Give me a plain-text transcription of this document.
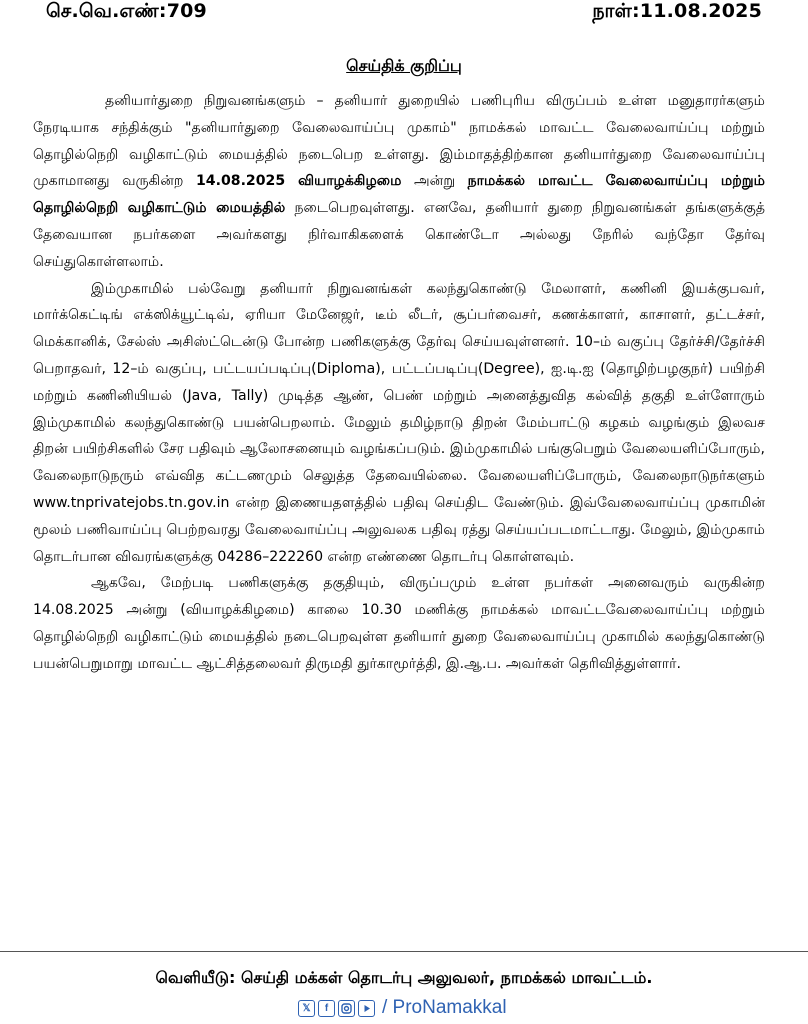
செ.வெ.எண்:709	நாள்:11.08.2025
செய்திக் குறிப்பு

தனியார்துறை நிறுவனங்களும் – தனியார் துறையில் பணிபுரிய விருப்பம் உள்ள மனுதாரர்களும் நேரடியாக சந்திக்கும் "தனியார்துறை வேலைவாய்ப்பு முகாம்" நாமக்கல் மாவட்ட வேலைவாய்ப்பு மற்றும் தொழில்நெறி வழிகாட்டும் மையத்தில் நடைபெற உள்ளது. இம்மாதத்திற்கான தனியார்துறை வேலைவாய்ப்பு முகாமானது வருகின்ற 14.08.2025 வியாழக்கிழமை அன்று நாமக்கல் மாவட்ட வேலைவாய்ப்பு மற்றும் தொழில்நெறி வழிகாட்டும் மையத்தில் நடைபெறவுள்ளது. எனவே, தனியார் துறை நிறுவனங்கள் தங்களுக்குத் தேவையான நபர்களை அவர்களது நிர்வாகிகளைக் கொண்டோ அல்லது நேரில் வந்தோ தேர்வு செய்துகொள்ளலாம்.

இம்முகாமில் பல்வேறு தனியார் நிறுவனங்கள் கலந்துகொண்டு மேலாளர், கணினி இயக்குபவர், மார்க்கெட்டிங் எக்ஸிக்யூட்டிவ், ஏரியா மேனேஜர், டீம் லீடர், சூப்பர்வைசர், கணக்காளர், காசாளர், தட்டச்சர், மெக்கானிக், சேல்ஸ் அசிஸ்ட்டென்டு போன்ற பணிகளுக்கு தேர்வு செய்யவுள்ளனர். 10–ம் வகுப்பு தேர்ச்சி/தேர்ச்சி பெறாதவர், 12–ம் வகுப்பு, பட்டயப்படிப்பு(Diploma), பட்டப்படிப்பு(Degree), ஐ.டி.ஐ (தொழிற்பழகுநர்) பயிற்சி மற்றும் கணினியியல் (Java, Tally) முடித்த ஆண், பெண் மற்றும் அனைத்துவித கல்வித் தகுதி உள்ளோரும் இம்முகாமில் கலந்துகொண்டு பயன்பெறலாம். மேலும் தமிழ்நாடு திறன் மேம்பாட்டு கழகம் வழங்கும் இலவச திறன் பயிற்சிகளில் சேர பதிவும் ஆலோசனையும் வழங்கப்படும். இம்முகாமில் பங்குபெறும் வேலையளிப்போரும், வேலைநாடுநரும் எவ்வித கட்டணமும் செலுத்த தேவையில்லை. வேலையளிப்போரும், வேலைநாடுநர்களும் www.tnprivatejobs.tn.gov.in என்ற இணையதளத்தில் பதிவு செய்திட வேண்டும். இவ்வேலைவாய்ப்பு முகாமின் மூலம் பணிவாய்ப்பு பெற்றவரது வேலைவாய்ப்பு அலுவலக பதிவு ரத்து செய்யப்படமாட்டாது. மேலும், இம்முகாம் தொடர்பான விவரங்களுக்கு 04286–222260 என்ற எண்ணை தொடர்பு கொள்ளவும்.

ஆகவே, மேற்படி பணிகளுக்கு தகுதியும், விருப்பமும் உள்ள நபர்கள் அனைவரும் வருகின்ற 14.08.2025 அன்று (வியாழக்கிழமை) காலை 10.30 மணிக்கு நாமக்கல் மாவட்டவேலைவாய்ப்பு மற்றும் தொழில்நெறி வழிகாட்டும் மையத்தில் நடைபெறவுள்ள தனியார் துறை வேலைவாய்ப்பு முகாமில் கலந்துகொண்டு பயன்பெறுமாறு மாவட்ட ஆட்சித்தலைவர் திருமதி துர்காமூர்த்தி, இ.ஆ.ப. அவர்கள் தெரிவித்துள்ளார்.

வெளியீடு: செய்தி மக்கள் தொடர்பு அலுவலர், நாமக்கல் மாவட்டம்.
𝕏	f	/ ProNamakkal
